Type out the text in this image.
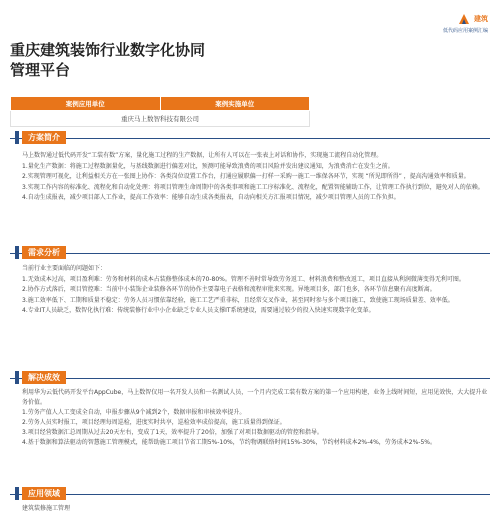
建筑
低代码应用案例汇编
重庆建筑装饰行业数字化协同
管理平台
案例应用单位	案例实施单位
重庆马上数智科技有限公司
方案简介

马上数智通过低代码开发“工装有数”方案，量化施工过程的生产数据，让所有人可以在一张表上对话和协作，实现施工流程自动化管理。

1.量化生产数据：将施工过程数据量化，与基线数据进行偏差对比，预测可能导致浪费的项目风险并发出建议通知，为浪费消亡在发生之前。

2.实现管理可视化，让利益相关方在一张图上协作：各类岗位设置工作台，打通应履职偏一打样一采购一施工一维保各环节，实现 “所见即所得” ，提高沟通效率和质量。

3.实现工作内容的标准化、流程化和自动化处理：将项目管理生命周期中的各类事项和施工工序标准化、流程化，配置智能辅助工作，让管理工作执行到位，避免对人的依赖。

4.自动生成报表，减少项目部人工作业，提高工作效率：能够自动生成各类报表，自动向相关方汇报项目情况，减少项目管理人员的工作负担。

需求分析

当前行业主要面临的问题如下：

1.无效成本过高，项目盈利难：劳务和材料的成本占装修整体成本的70-80%。管理不善时常导致劳务返工、材料浪费和整改返工，项目直接从利润微薄变得无利可图。

2.协作方式落后，项目管控难：当前中小装饰企业装修各环节的协作主要靠电子表格和流程审批来实现。异地项目多，部门也多，各环节信息聚有高度断离。

3.施工效率低下、工期和质量不稳定：劳务人员习惯依靠经验，施工工艺严重非标，且经常交叉作业，甚至同时参与多个项目施工，致使施工现场质量差、效率低。

4.专业IT人员缺乏，数智化执行难：传统装修行业中小企业缺乏专业人员支撑IT系统建设，需要通过较少的投入快速实现数字化变革。

解决成效

利用华为云低代码开发平台AppCube，马上数智仅用一名开发人员和一名测试人员，一个月内完成工装有数方案的第一个应用构建，业务上线时间短，应用见效快，大大提升业务价值。

1.劳务产值人人工变成全自动，申报步骤从9个减到2个，数据审报和审核效率提升。

2.劳务人员实时报工，项目经理每周巡检，进度实时共享，巡检效率成倍提高，施工质量得到保证。

3.项目经营数据汇总周期从过去20天左右，变成了1天，效率提升了20倍，加强了对项目数据驱动的管控和指导。

4.基于数据和算法驱动的智慧施工管理模式，能帮助施工项目节省工期5%-10%，节约物调联络时间15%-30%，节约材料成本2%-4%，劳务成本2%-5%。

应用领域

建筑装修施工管理
